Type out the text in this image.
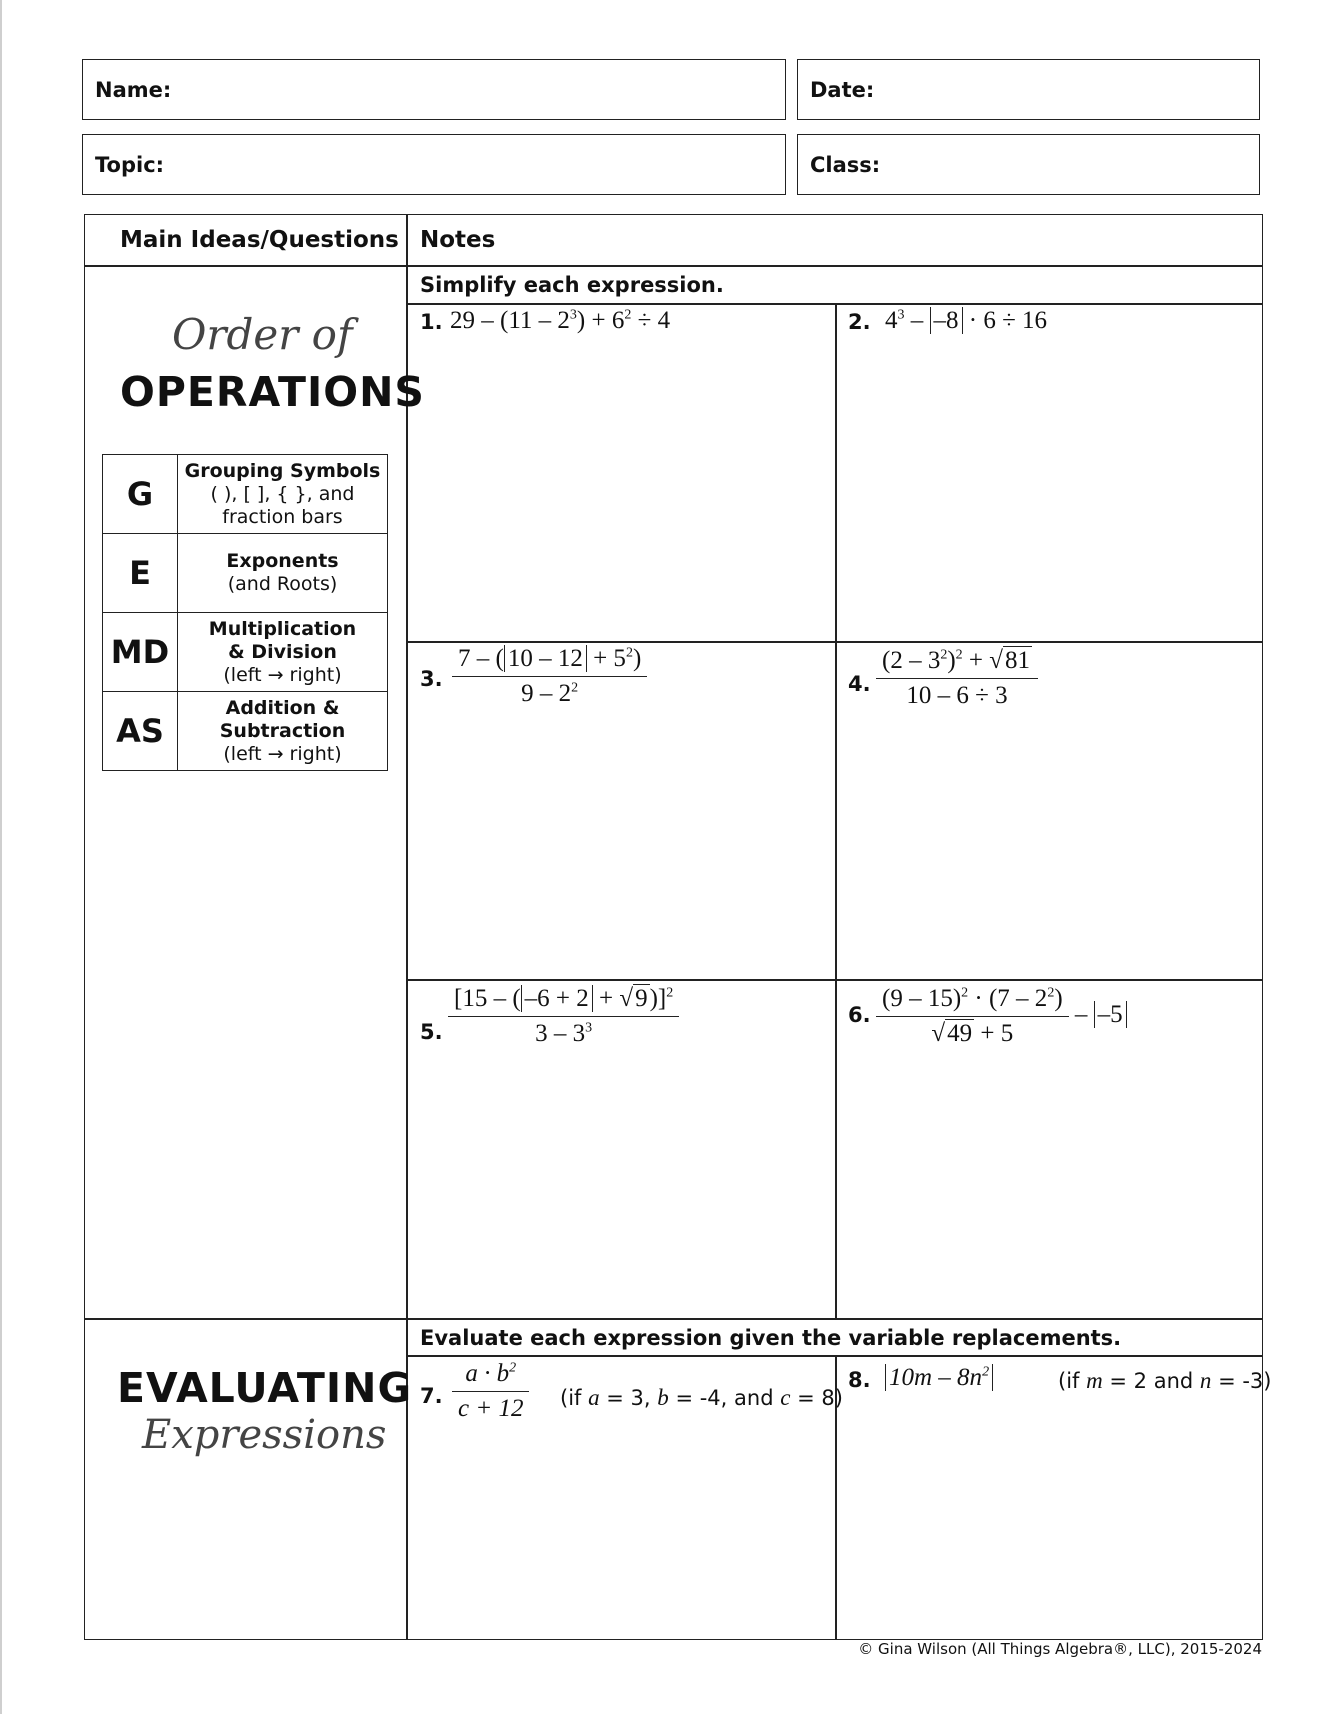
Name:	Date:
Topic:	Class:
Main Ideas/Questions Notes
Order of
OPERATIONS
G	Grouping Symbols
( ), [ ], { }, and
fraction bars
E	Exponents
(and Roots)
MD	Multiplication
& Division
(left → right)
AS	Addition &
Subtraction
(left → right)
Simplify each expression.
1. $29 - (11 - 2^3) + 6^2 \div 4$	2. $4^3 - -8 \cdot 6 \div 16$
3. $\frac{7 - ( 10 - 12 + 5^2)}{9 - 2^2}$	4. $\frac{(2 - 3^2)^2 + √81}{10 - 6 \div 3}$
5. $\frac{[15 - ( -6 + 2 + √9)]^2}{3 - 3^3}$	6. $\frac{(9 - 15)^2 \cdot (7 - 2^2)}{√49 + 5} - -5$
EVALUATING
Expressions
Evaluate each expression given the variable replacements.
7. $\frac{a \cdot b^2}{c + 12} (if$ a = 3, b = -4, and c = 8)
8. $10m - 8n^2$	(if m = 2 and n = -3)
© Gina Wilson (All Things Algebra®, LLC), 2015-2024
